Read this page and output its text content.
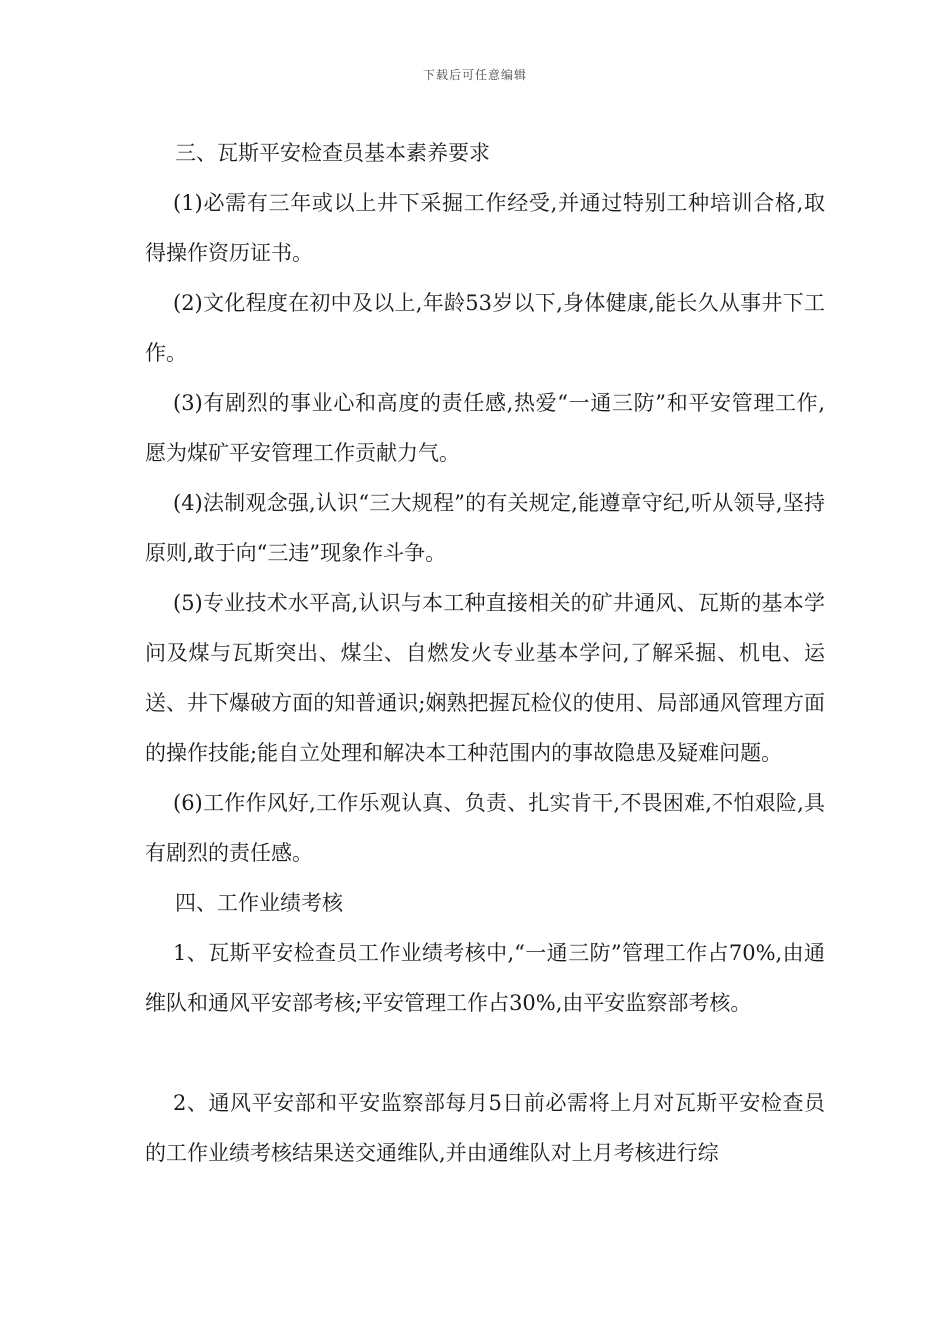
下载后可任意编辑

三、瓦斯平安检查员基本素养要求

(1)必需有三年或以上井下采掘工作经受,并通过特别工种培训合格,取得操作资历证书。

(2)文化程度在初中及以上,年龄53岁以下,身体健康,能长久从事井下工作。

(3)有剧烈的事业心和高度的责任感,热爱“一通三防”和平安管理工作,愿为煤矿平安管理工作贡献力气。

(4)法制观念强,认识“三大规程”的有关规定,能遵章守纪,听从领导,坚持原则,敢于向“三违”现象作斗争。

(5)专业技术水平高,认识与本工种直接相关的矿井通风、瓦斯的基本学问及煤与瓦斯突出、煤尘、自燃发火专业基本学问,了解采掘、机电、运送、井下爆破方面的知普通识;娴熟把握瓦检仪的使用、局部通风管理方面的操作技能;能自立处理和解决本工种范围内的事故隐患及疑难问题。

(6)工作作风好,工作乐观认真、负责、扎实肯干,不畏困难,不怕艰险,具有剧烈的责任感。

四、工作业绩考核

1、瓦斯平安检查员工作业绩考核中,“一通三防”管理工作占70%,由通维队和通风平安部考核;平安管理工作占30%,由平安监察部考核。

2、通风平安部和平安监察部每月5日前必需将上月对瓦斯平安检查员的工作业绩考核结果送交通维队,并由通维队对上月考核进行综
